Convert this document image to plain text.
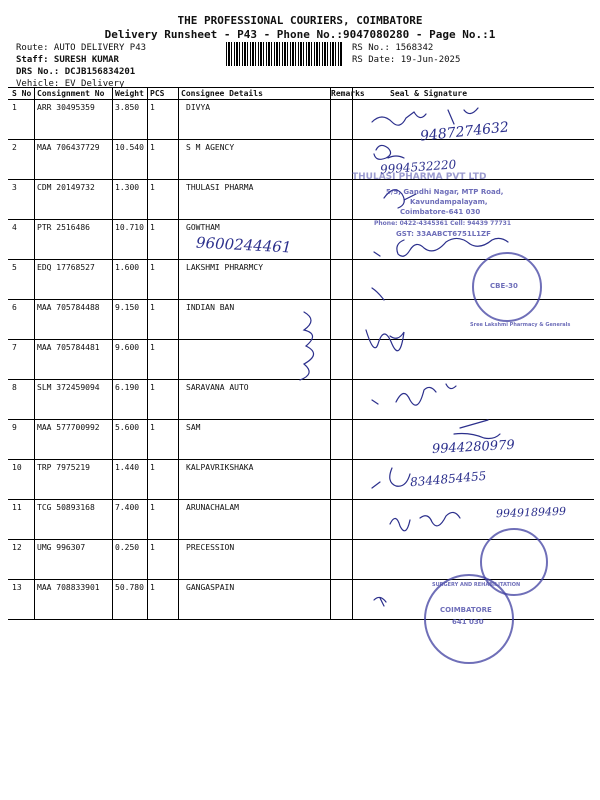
THE PROFESSIONAL COURIERS, COIMBATORE
Delivery Runsheet - P43 - Phone No.:9047080280 - Page No.:1
Route: AUTO DELIVERY P43
Staff: SURESH KUMAR
DRS No.: DCJB156834201
Vehicle: EV Delivery
RS No.: 1568342
RS Date: 19-Jun-2025
S No Consignment No Weight PCS Consignee Details	Remarks	Seal & Signature
1	ARR 30495359	3.850 1	DIVYA
2	MAA 706437729 10.540 1	S M AGENCY
3	CDM 20149732	1.300 1	THULASI PHARMA
4	PTR 2516486	10.710 1	GOWTHAM
5	EDQ 17768527	1.600 1	LAKSHMI PHRARMCY
6	MAA 705784488 9.150 1	INDIAN BAN
7	MAA 705784481 9.600 1
8	SLM 372459094 6.190 1	SARAVANA AUTO
9	MAA 577700992 5.600 1	SAM
10 TRP 7975219	1.440 1	KALPAVRIKSHAKA
11 TCG 50893168	7.400 1	ARUNACHALAM
12 UMG 996307	0.250 1	PRECESSION
13 MAA 708833901 50.780 1	GANGASPAIN
9487274632
9994532220
9600244461
9944280979
8344854455
9949189499
THULASI PHARMA PVT LTD
5/5, Gandhi Nagar, MTP Road,
Kavundampalayam,
Coimbatore-641 030
Phone: 0422-4345361 Cell: 94439 77731
GST: 33AABCT6751L1ZF
CBE-30
Sree Lakshmi Pharmacy & Generals
SURGERY AND REHABILITATION
COIMBATORE
641 030
